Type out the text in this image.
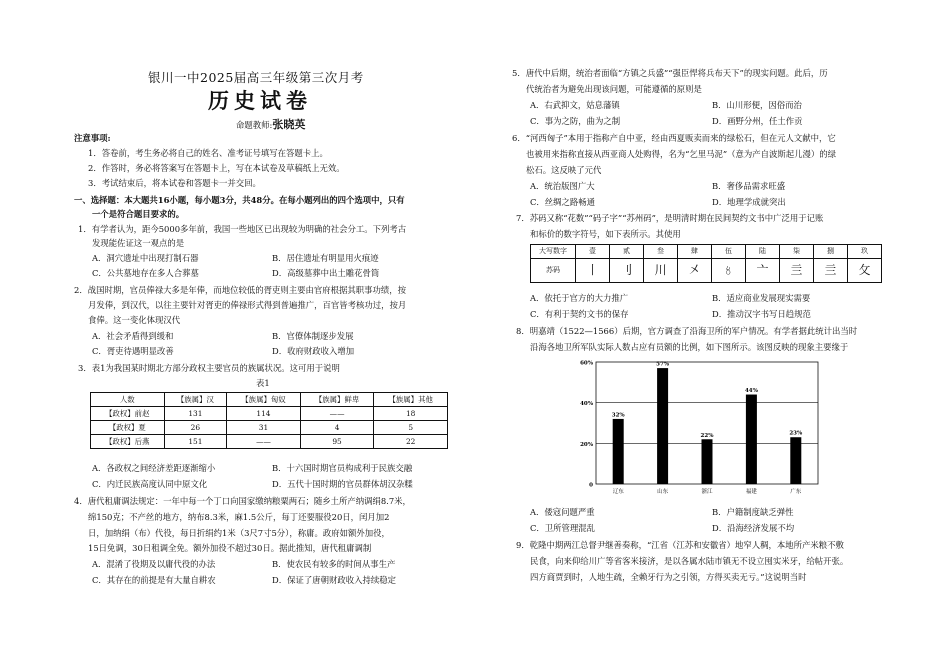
银川一中2025届高三年级第三次月考
历史试卷
命题教师:张晓英
注意事项:
1．答卷前，考生务必将自己的姓名、准考证号填写在答题卡上。
2．作答时，务必将答案写在答题卡上，写在本试卷及草稿纸上无效。
3．考试结束后，将本试卷和答题卡一并交回。
一、选择题：本大题共16小题，每小题3分，共48分。在每小题列出的四个选项中，只有
一个是符合题目要求的。
1．有学者认为，距今5000多年前，我国一些地区已出现较为明确的社会分工。下列考古
发现能佐证这一观点的是
A．洞穴遗址中出现打制石器	B．居住遗址有明显用火痕迹
C．公共墓地存在多人合葬墓	D．高级墓葬中出土雕花骨筒
2．战国时期，官员俸禄大多是年俸，而地位较低的胥吏则主要由官府根据其职事功绩，按
月发俸，到汉代，以往主要针对胥吏的俸禄形式得到普遍推广，百官皆考核功过，按月
食俸。这一变化体现汉代
A．社会矛盾得到缓和	B．官僚体制逐步发展
C．胥吏待遇明显改善	D．收府财政收入增加
3．表1为我国某时期北方部分政权主要官员的族属状况。这可用于说明
表1
人数	【族属】汉	【族属】匈奴	【族属】鲜卑	【族属】其他
【政权】前赵	131	114	——	18
【政权】夏	26	31	4	5
【政权】后燕	151	——	95	22
A．各政权之间经济差距逐渐缩小	B．十六国时期官员构成利于民族交融
C．内迁民族高度认同中原文化	D．五代十国时期的官员群体胡汉杂糅
4．唐代租庸调法规定：一年中每一个丁口向国家缴纳粮粟两石；随乡土所产纳调绢8.7米，
绵150克；不产丝的地方，纳布8.3米，麻1.5公斤，每丁还要服役20日，闰月加2
日，加纳绢（布）代役，每日折绢约1米（3尺7寸5分），称庸。政府如额外加役，
15日免调，30日租调全免。额外加役不超过30日。据此推知，唐代租庸调制
A．混淆了役期及以庸代役的办法	B．使农民有较多的时间从事生产
C．其存在的前提是有大量自耕农	D．保证了唐朝财政收入持续稳定
5．唐代中后期，统治者面临“方镇之兵盛”“强臣悍将兵布天下”的现实问题。此后，历
代统治者为避免出现该问题，可能遵循的原则是
A．右武抑文，姑息藩镇	B．山川形便，因俗而治
C．事为之防，曲为之制	D．画野分州，任土作贡
6．“河西匈子”本用于指称产自中亚，经由西夏贩卖而来的绿松石，但在元人文献中，它
也被用来指称直接从西亚商人处购得，名为“乞里马泥”（意为产自波斯起儿漫）的绿
松石。这反映了元代
A．统治版图广大	B．奢侈品需求旺盛
C．丝绸之路畅通	D．地理学成就突出
7．苏码又称“花数”“码子字”“苏州码”，是明清时期在民间契约文书中广泛用于记账
和标价的数字符号，如下表所示。其使用
大写数字	壹	贰	叁	肆	伍	陆	柒	捌	玖
苏码	丨	刂	川	㐅	〥	亠	亖	亖	攵
A．依托于官方的大力推广	B．适应商业发展现实需要
C．有利于契约文书的保存	D．推动汉字书写日趋规范
8．明嘉靖（1522—1566）后期，官方调查了沿海卫所的军户情况。有学者据此统计出当时
沿海各地卫所军队实际人数占应有员额的比例，如下图所示。该图反映的现象主要缘于
0
20%
40%
60%
32%
辽东
57%
山东
22%
浙江
44%
福建
23%
广东
A．倭寇问题严重	B．户籍制度缺乏弹性
C．卫所管理混乱	D．沿海经济发展不均
9．乾隆中期两江总督尹继善奏称，“江省（江苏和安徽省）地窄人稠，本地所产米粮不敷
民食，向来仰给川广等省客米接济，是以各属水陆市镇无不设立囤实米牙，给帖开张。
四方商贾到时，人地生疏，全赖牙行为之引领，方得买卖无亏。”这说明当时
